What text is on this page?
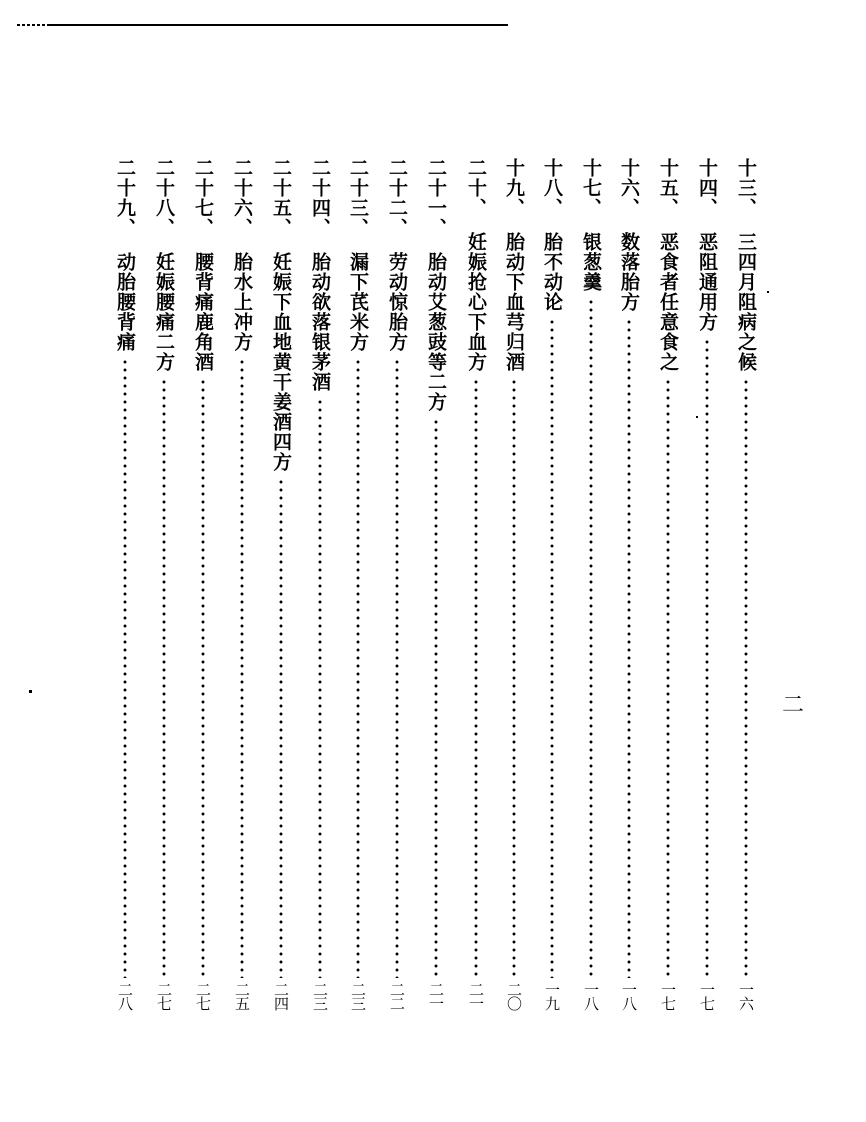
十三、
三四月阻病之候
一六
十四、
恶阻通用方
一七
十五、
恶食者任意食之
一七
十六、
数落胎方
一八
十七、
银葱羹
一八
十八、
胎不动论
一九
十九、
胎动下血芎归酒
二〇
二十、
妊娠抢心下血方
二一
二十一、
胎动艾葱豉等二方
二一
二十二、
劳动惊胎方
二二
二十三、
漏下芪米方
二三
二十四、
胎动欲落银茅酒
二三
二十五、
妊娠下血地黄干姜酒四方
二四
二十六、
胎水上冲方
二五
二十七、
腰背痛鹿角酒
二七
二十八、
妊娠腰痛二方
二七
二十九、
动胎腰背痛
二八
二
